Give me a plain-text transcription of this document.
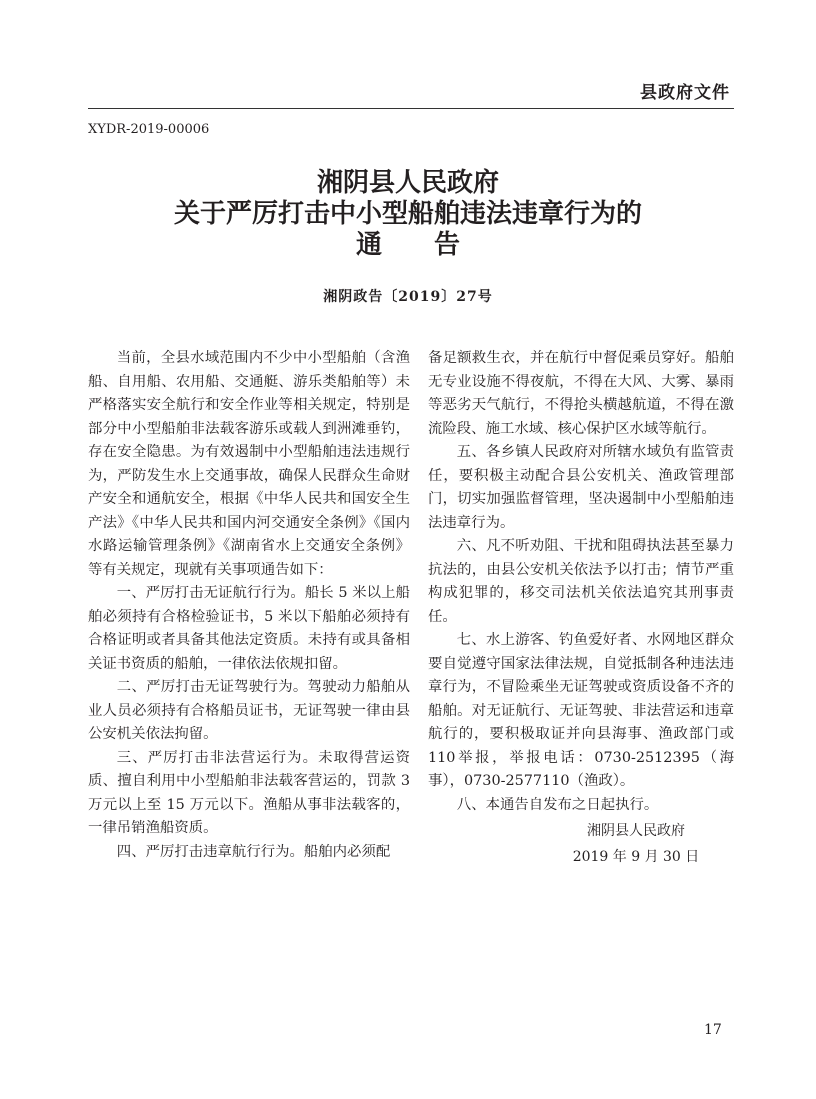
县政府文件
XYDR-2019-00006
湘阴县人民政府
关于严厉打击中小型船舶违法违章行为的
通　　告
湘阴政告〔2019〕27号

当前，全县水域范围内不少中小型船舶（含渔船、自用船、农用船、交通艇、游乐类船舶等）未严格落实安全航行和安全作业等相关规定，特别是部分中小型船舶非法载客游乐或载人到洲滩垂钓，存在安全隐患。为有效遏制中小型船舶违法违规行为，严防发生水上交通事故，确保人民群众生命财产安全和通航安全，根据《中华人民共和国安全生产法》《中华人民共和国内河交通安全条例》《国内水路运输管理条例》《湖南省水上交通安全条例》等有关规定，现就有关事项通告如下：

一、严厉打击无证航行行为。船长 5 米以上船舶必须持有合格检验证书，5 米以下船舶必须持有合格证明或者具备其他法定资质。未持有或具备相关证书资质的船舶，一律依法依规扣留。

二、严厉打击无证驾驶行为。驾驶动力船舶从业人员必须持有合格船员证书，无证驾驶一律由县公安机关依法拘留。

三、严厉打击非法营运行为。未取得营运资质、擅自利用中小型船舶非法载客营运的，罚款 3 万元以上至 15 万元以下。渔船从事非法载客的，一律吊销渔船资质。

四、严厉打击违章航行行为。船舶内必须配

备足额救生衣，并在航行中督促乘员穿好。船舶无专业设施不得夜航，不得在大风、大雾、暴雨等恶劣天气航行，不得抢头横越航道，不得在激流险段、施工水域、核心保护区水域等航行。

五、各乡镇人民政府对所辖水域负有监管责任，要积极主动配合县公安机关、渔政管理部门，切实加强监督管理，坚决遏制中小型船舶违法违章行为。

六、凡不听劝阻、干扰和阻碍执法甚至暴力抗法的，由县公安机关依法予以打击；情节严重构成犯罪的，移交司法机关依法追究其刑事责任。

七、水上游客、钓鱼爱好者、水网地区群众要自觉遵守国家法律法规，自觉抵制各种违法违章行为，不冒险乘坐无证驾驶或资质设备不齐的船舶。对无证航行、无证驾驶、非法营运和违章航行的，要积极取证并向县海事、渔政部门或110举报，举报电话：0730-2512395（海事），0730-2577110（渔政）。

八、本通告自发布之日起执行。

湘阴县人民政府
2019 年 9 月 30 日
17
